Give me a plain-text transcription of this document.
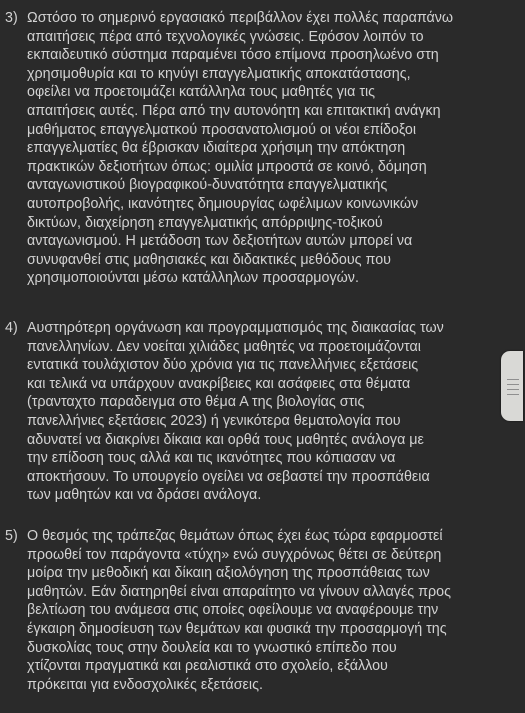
3) Ωστόσο το σημερινό εργασιακό περιβάλλον έχει πολλές παραπάνω
απαιτήσεις πέρα από τεχνολογικές γνώσεις. Εφόσον λοιπόν το
εκπαιδευτικό σύστημα παραμένει τόσο επίμονα προσηλωένο στη
χρησιμοθυρία και το κηνύγι επαγγελματικής αποκατάστασης,
οφείλει να προετοιμάζει κατάλληλα τους μαθητές για τις
απαιτήσεις αυτές. Πέρα από την αυτονόητη και επιτακτική ανάγκη
μαθήματος επαγγελματκού προσανατολισμού οι νέοι επίδοξοι
επαγγελματίες θα έβρισκαν ιδιαίτερα χρήσιμη την απόκτηση
πρακτικών δεξιοτήτων όπως: ομιλία μπροστά σε κοινό, δόμηση
ανταγωνιστικού βιογραφικού-δυνατότητα επαγγελματικής
αυτοπροβολής, ικανότητες δημιουργίας ωφέλιμων κοινωνικών
δικτύων, διαχείρηση επαγγελματικής απόρριψης-τοξικού
ανταγωνισμού. Η μετάδοση των δεξιοτήτων αυτών μπορεί να
συνυφανθεί στις μαθησιακές και διδακτικές μεθόδους που
χρησιμοποιούνται μέσω κατάλληλων προσαρμογών.
4) Αυστηρότερη οργάνωση και προγραμματισμός της διαικασίας των
πανελληνίων. Δεν νοείται χιλιάδες μαθητές να προετοιμάζονται
εντατικά τουλάχιστον δύο χρόνια για τις πανελλήνιες εξετάσεις
και τελικά να υπάρχουν ανακρίβειες και ασάφειες στα θέματα
(τρανταχτο παραδειγμα στο θέμα Α της βιολογίας στις
πανελλήνιες εξετάσεις 2023) ή γενικότερα θεματολογία που
αδυνατεί να διακρίνει δίκαια και ορθά τους μαθητές ανάλογα με
την επίδοση τους αλλά και τις ικανότητες που κόπιασαν να
αποκτήσουν. Το υπουργείο ογείλει να σεβαστεί την προσπάθεια
των μαθητών και να δράσει ανάλογα.
5) Ο θεσμός της τράπεζας θεμάτων όπως έχει έως τώρα εφαρμοστεί
προωθεί τον παράγοντα «τύχη» ενώ συγχρόνως θέτει σε δεύτερη
μοίρα την μεθοδική και δίκαιη αξιολόγηση της προσπάθειας των
μαθητών. Εάν διατηρηθεί είναι απαραίτητο να γίνουν αλλαγές προς
βελτίωση του ανάμεσα στις οποίες οφείλουμε να αναφέρουμε την
έγκαιρη δημοσίευση των θεμάτων και φυσικά την προσαρμογή της
δυσκολίας τους στην δουλεία και το γνωστικό επίπεδο που
χτίζονται πραγματικά και ρεαλιστικά στο σχολείο, εξάλλου
πρόκειται για ενδοσχολικές εξετάσεις.
